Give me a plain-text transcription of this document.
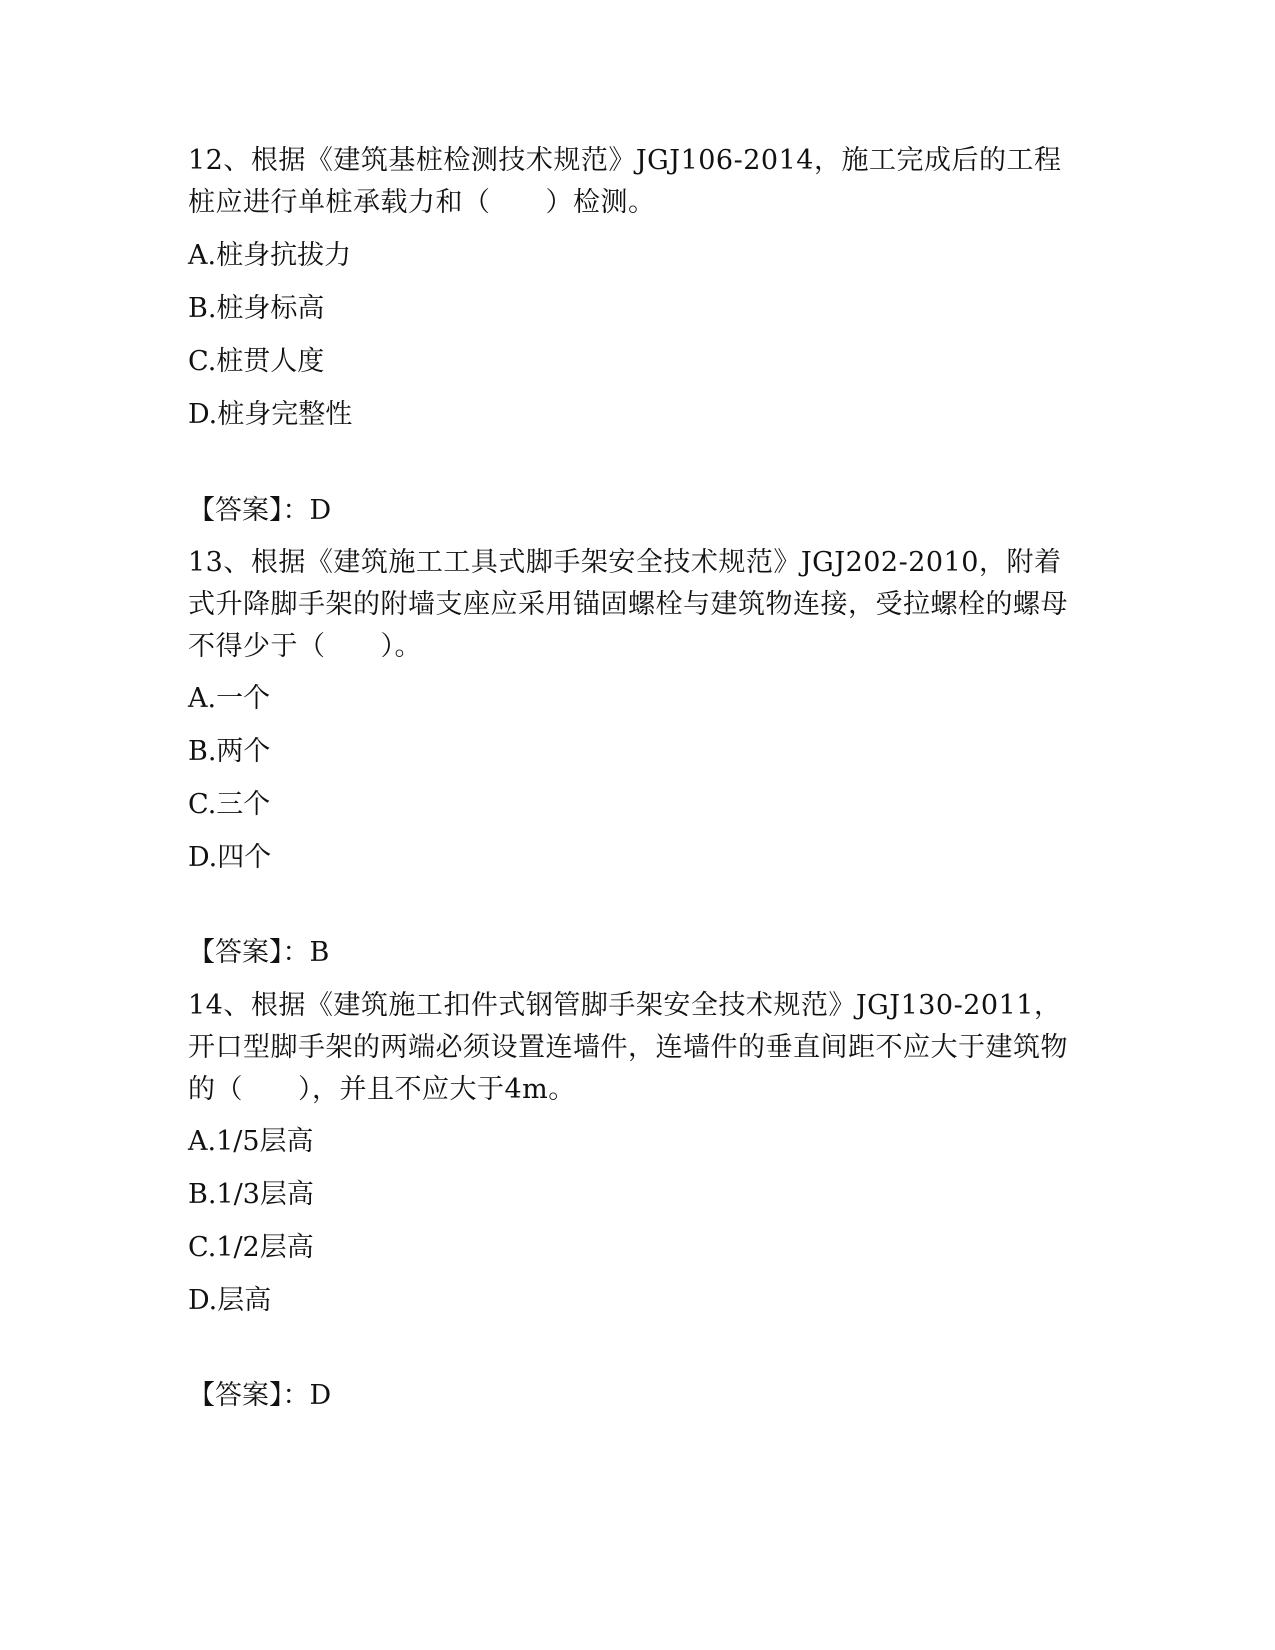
12、根据《建筑基桩检测技术规范》JGJ106-2014，施工完成后的工程桩应进行单桩承载力和（　　）检测。

A.桩身抗拔力

B.桩身标高

C.桩贯人度

D.桩身完整性

【答案】：D

13、根据《建筑施工工具式脚手架安全技术规范》JGJ202-2010，附着式升降脚手架的附墙支座应采用锚固螺栓与建筑物连接，受拉螺栓的螺母不得少于（　　）。

A.一个

B.两个

C.三个

D.四个

【答案】：B

14、根据《建筑施工扣件式钢管脚手架安全技术规范》JGJ130-2011，开口型脚手架的两端必须设置连墙件，连墙件的垂直间距不应大于建筑物的（　　），并且不应大于4m。

A.1/5层高

B.1/3层高

C.1/2层高

D.层高

【答案】：D
